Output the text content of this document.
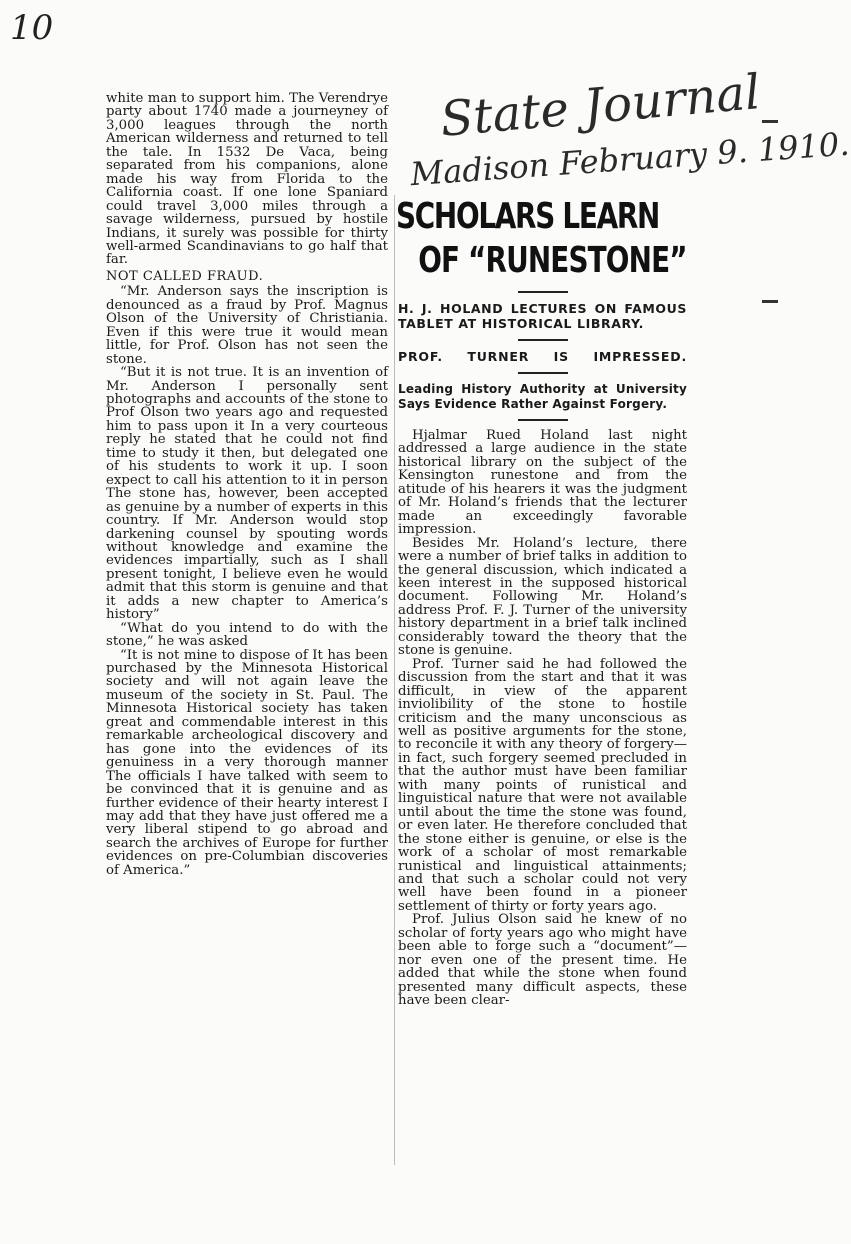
10
State Journal
Madison February 9. 1910.

white man to support him. The Verendrye party about 1740 made a journeyney of 3,000 leagues through the north American wilderness and returned to tell the tale. In 1532 De Vaca, being separated from his companions, alone made his way from Florida to the California coast. If one lone Spaniard could travel 3,000 miles through a savage wilderness, pursued by hostile Indians, it surely was possible for thirty well-armed Scandinavians to go half that far.

NOT CALLED FRAUD.

“Mr. Anderson says the inscription is denounced as a fraud by Prof. Magnus Olson of the University of Christiania. Even if this were true it would mean little, for Prof. Olson has not seen the stone.

“But it is not true. It is an invention of Mr. Anderson I personally sent photographs and accounts of the stone to Prof Olson two years ago and requested him to pass upon it In a very courteous reply he stated that he could not find time to study it then, but delegated one of his students to work it up. I soon expect to call his attention to it in person The stone has, however, been accepted as genuine by a number of experts in this country. If Mr. Anderson would stop darkening counsel by spouting words without knowledge and examine the evidences impartially, such as I shall present tonight, I believe even he would admit that this storm is genuine and that it adds a new chapter to America’s history”

“What do you intend to do with the stone,” he was asked

“It is not mine to dispose of It has been purchased by the Minnesota Historical society and will not again leave the museum of the society in St. Paul. The Minnesota Historical society has taken great and commendable interest in this remarkable archeological discovery and has gone into the evidences of its genuiness in a very thorough manner The officials I have talked with seem to be convinced that it is genuine and as further evidence of their hearty interest I may add that they have just offered me a very liberal stipend to go abroad and search the archives of Europe for further evidences on pre-Columbian discoveries of America.”

SCHOLARS LEARN
OF “RUNESTONE”

H. J. HOLAND LECTURES ON FAMOUS TABLET AT HISTORICAL LIBRARY.

PROF. TURNER IS IMPRESSED.

Leading History Authority at University Says Evidence Rather Against Forgery.

Hjalmar Rued Holand last night addressed a large audience in the state historical library on the subject of the Kensington runestone and from the atitude of his hearers it was the judgment of Mr. Holand’s friends that the lecturer made an exceedingly favorable impression.

Besides Mr. Holand’s lecture, there were a number of brief talks in addition to the general discussion, which indicated a keen interest in the supposed historical document. Following Mr. Holand’s address Prof. F. J. Turner of the university history department in a brief talk inclined considerably toward the theory that the stone is genuine.

Prof. Turner said he had followed the discussion from the start and that it was difficult, in view of the apparent inviolibility of the stone to hostile criticism and the many unconscious as well as positive arguments for the stone, to reconcile it with any theory of forgery—in fact, such forgery seemed precluded in that the author must have been familiar with many points of runistical and linguistical nature that were not available until about the time the stone was found, or even later. He therefore concluded that the stone either is genuine, or else is the work of a scholar of most remarkable runistical and linguistical attainments; and that such a scholar could not very well have been found in a pioneer settlement of thirty or forty years ago.

Prof. Julius Olson said he knew of no scholar of forty years ago who might have been able to forge such a “document”—nor even one of the present time. He added that while the stone when found presented many difficult aspects, these have been clear-
